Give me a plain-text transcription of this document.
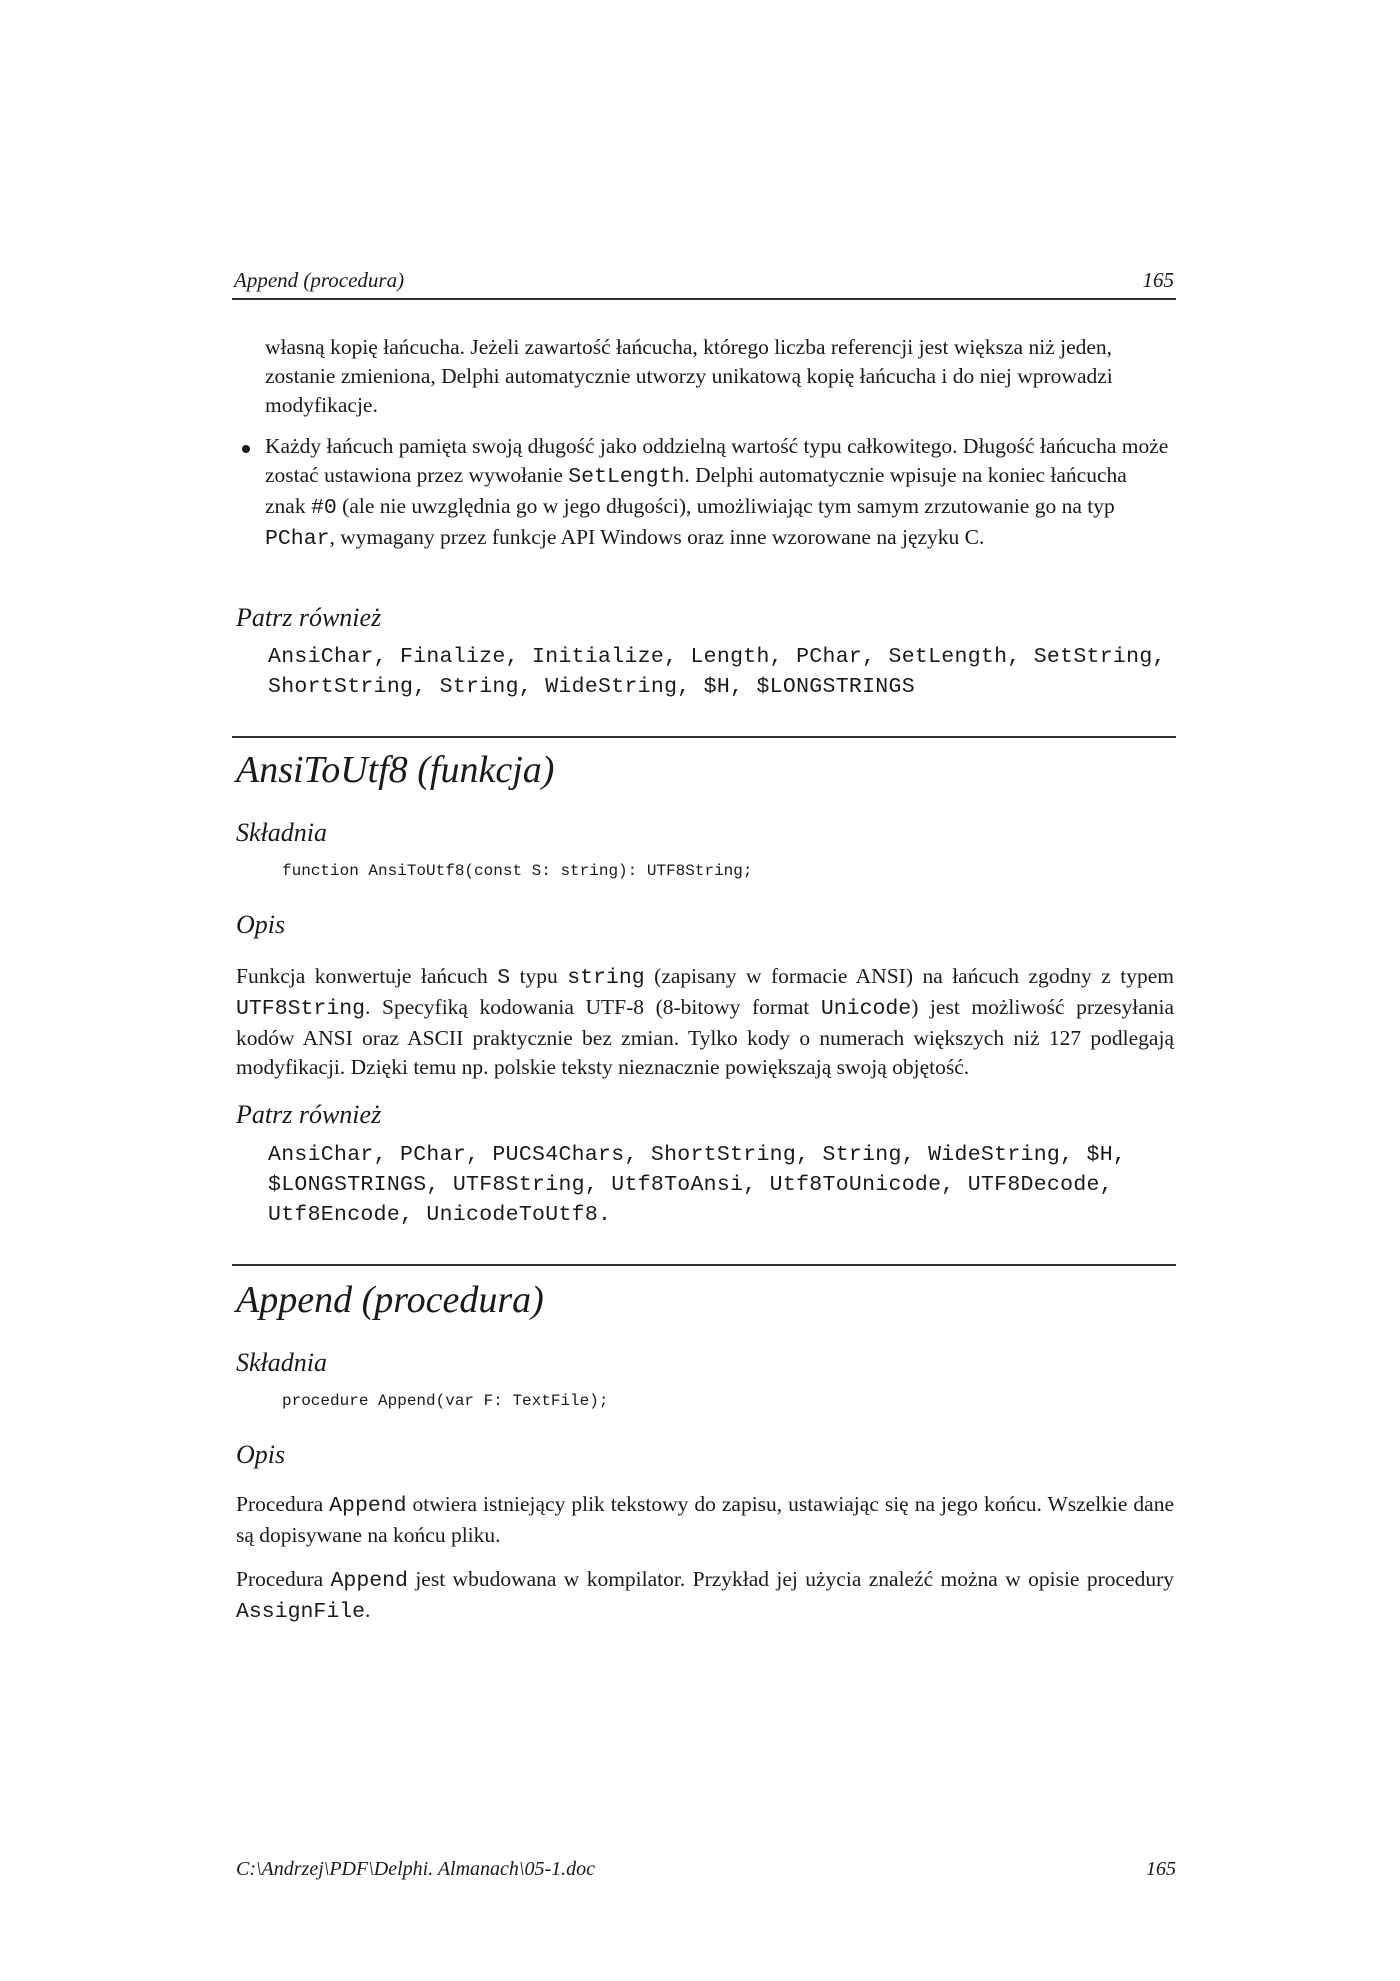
Append (procedura)	165
własną kopię łańcucha. Jeżeli zawartość łańcucha, którego liczba referencji jest większa niż jeden, zostanie zmieniona, Delphi automatycznie utworzy unikatową kopię łańcucha i do niej wprowadzi modyfikacje.
Każdy łańcuch pamięta swoją długość jako oddzielną wartość typu całkowitego. Długość łańcucha może zostać ustawiona przez wywołanie SetLength. Delphi automatycznie wpisuje na koniec łańcucha znak #0 (ale nie uwzględnia go w jego długości), umożliwiając tym samym zrzutowanie go na typ PChar, wymagany przez funkcje API Windows oraz inne wzorowane na języku C.
Patrz również
AnsiChar, Finalize, Initialize, Length, PChar, SetLength, SetString, ShortString, String, WideString, $H, $LONGSTRINGS
AnsiToUtf8 (funkcja)
Składnia
function AnsiToUtf8(const S: string): UTF8String;
Opis
Funkcja konwertuje łańcuch S typu string (zapisany w formacie ANSI) na łańcuch zgodny z typem UTF8String. Specyfiką kodowania UTF-8 (8-bitowy format Unicode) jest możliwość przesyłania kodów ANSI oraz ASCII praktycznie bez zmian. Tylko kody o numerach większych niż 127 podlegają modyfikacji. Dzięki temu np. polskie teksty nieznacznie powiększają swoją objętość.
Patrz również
AnsiChar, PChar, PUCS4Chars, ShortString, String, WideString, $H, $LONGSTRINGS, UTF8String, Utf8ToAnsi, Utf8ToUnicode, UTF8Decode, Utf8Encode, UnicodeToUtf8.
Append (procedura)
Składnia
procedure Append(var F: TextFile);
Opis
Procedura Append otwiera istniejący plik tekstowy do zapisu, ustawiając się na jego końcu. Wszelkie dane są dopisywane na końcu pliku.
Procedura Append jest wbudowana w kompilator. Przykład jej użycia znaleźć można w opisie procedury AssignFile.
C:\Andrzej\PDF\Delphi. Almanach\05-1.doc	165
